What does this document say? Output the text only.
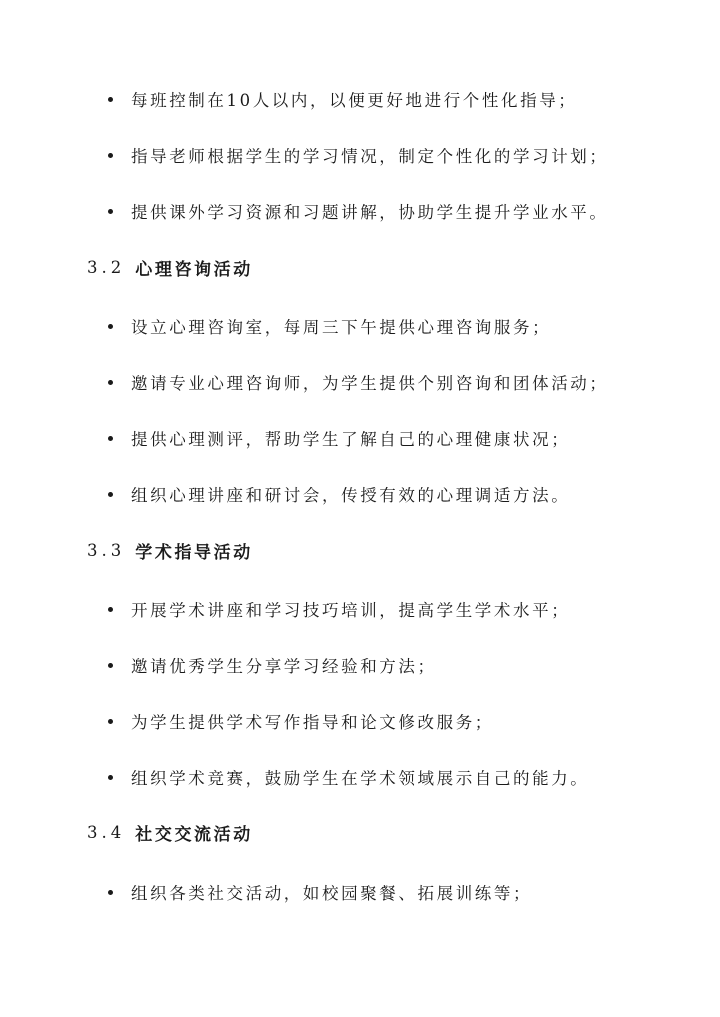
每班控制在10人以内，以便更好地进行个性化指导；
指导老师根据学生的学习情况，制定个性化的学习计划；
提供课外学习资源和习题讲解，协助学生提升学业水平。
3.2 心理咨询活动
设立心理咨询室，每周三下午提供心理咨询服务；
邀请专业心理咨询师，为学生提供个别咨询和团体活动；
提供心理测评，帮助学生了解自己的心理健康状况；
组织心理讲座和研讨会，传授有效的心理调适方法。
3.3 学术指导活动
开展学术讲座和学习技巧培训，提高学生学术水平；
邀请优秀学生分享学习经验和方法；
为学生提供学术写作指导和论文修改服务；
组织学术竞赛，鼓励学生在学术领域展示自己的能力。
3.4 社交交流活动
组织各类社交活动，如校园聚餐、拓展训练等；
